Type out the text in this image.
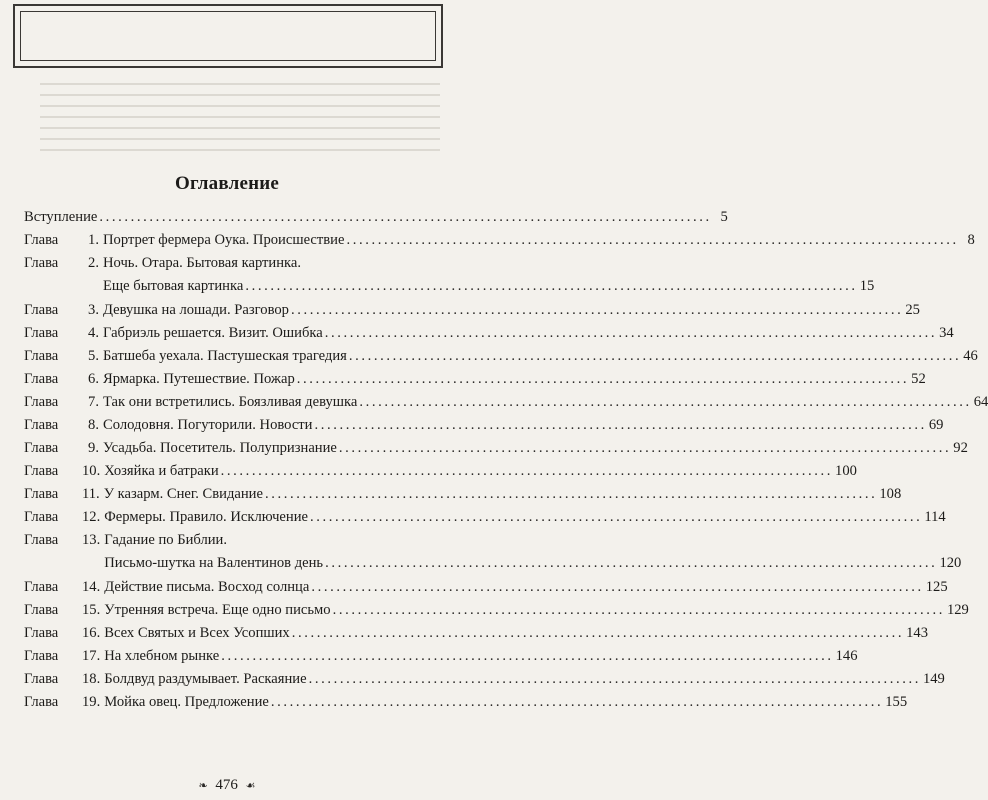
Оглавление
Вступление .................................................................................................. 5
Глава	1. Портрет фермера Оука. Происшествие .................................................................................................. 8
Глава	2. Ночь. Отара. Бытовая картинка.
Еще бытовая картинка .................................................................................................. 15
Глава	3. Девушка на лошади. Разговор .................................................................................................. 25
Глава	4. Габриэль решается. Визит. Ошибка .................................................................................................. 34
Глава	5. Батшеба уехала. Пастушеская трагедия .................................................................................................. 46
Глава	6. Ярмарка. Путешествие. Пожар .................................................................................................. 52
Глава	7. Так они встретились. Боязливая девушка .................................................................................................. 64
Глава	8. Солодовня. Погуторили. Новости .................................................................................................. 69
Глава	9. Усадьба. Посетитель. Полупризнание .................................................................................................. 92
Глава	10. Хозяйка и батраки .................................................................................................. 100
Глава	11. У казарм. Снег. Свидание .................................................................................................. 108
Глава	12. Фермеры. Правило. Исключение .................................................................................................. 114
Глава	13. Гадание по Библии.
Письмо-шутка на Валентинов день .................................................................................................. 120
Глава	14. Действие письма. Восход солнца .................................................................................................. 125
Глава	15. Утренняя встреча. Еще одно письмо .................................................................................................. 129
Глава	16. Всех Святых и Всех Усопших .................................................................................................. 143
Глава	17. На хлебном рынке .................................................................................................. 146
Глава	18. Болдвуд раздумывает. Раскаяние .................................................................................................. 149
Глава	19. Мойка овец. Предложение .................................................................................................. 155
❧ 476 ☙
